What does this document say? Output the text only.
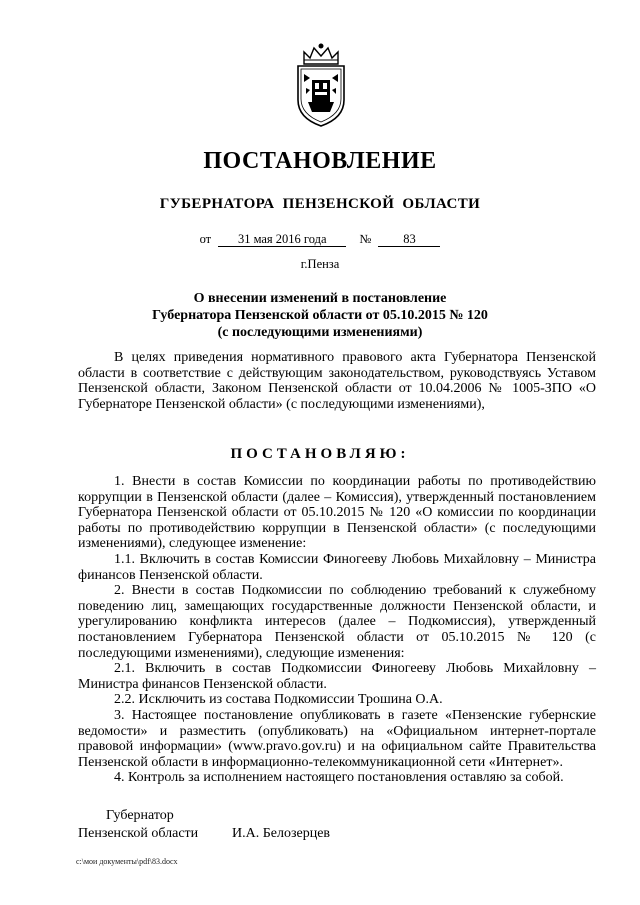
ПОСТАНОВЛЕНИЕ
ГУБЕРНАТОРА ПЕНЗЕНСКОЙ ОБЛАСТИ
от 31 мая 2016 года	№	83
г.Пенза
О внесении изменений в постановление
Губернатора Пензенской области от 05.10.2015 № 120
(с последующими изменениями)

В целях приведения нормативного правового акта Губернатора Пензенской области в соответствие с действующим законодательством, руководствуясь Уставом Пензенской области, Законом Пензенской области от 10.04.2006 № 1005-ЗПО «О Губернаторе Пензенской области» (с последующими изменениями),

ПОСТАНОВЛЯЮ:

1. Внести в состав Комиссии по координации работы по противодействию коррупции в Пензенской области (далее – Комиссия), утвержденный постановлением Губернатора Пензенской области от 05.10.2015 № 120 «О комиссии по координации работы по противодействию коррупции в Пензенской области» (с последующими изменениями), следующее изменение:

1.1. Включить в состав Комиссии Финогееву Любовь Михайловну – Министра финансов Пензенской области.

2. Внести в состав Подкомиссии по соблюдению требований к служебному поведению лиц, замещающих государственные должности Пензенской области, и урегулированию конфликта интересов (далее – Подкомиссия), утвержденный постановлением Губернатора Пензенской области от 05.10.2015 № 120 (с последующими изменениями), следующие изменения:

2.1. Включить в состав Подкомиссии Финогееву Любовь Михайловну – Министра финансов Пензенской области.

2.2. Исключить из состава Подкомиссии Трошина О.А.

3. Настоящее постановление опубликовать в газете «Пензенские губернские ведомости» и разместить (опубликовать) на «Официальном интернет-портале правовой информации» (www.pravo.gov.ru) и на официальном сайте Правительства Пензенской области в информационно-телекоммуникационной сети «Интернет».

4. Контроль за исполнением настоящего постановления оставляю за собой.

Губернатор
Пензенской области И.А. Белозерцев
c:\мои документы\pdf\83.docx
